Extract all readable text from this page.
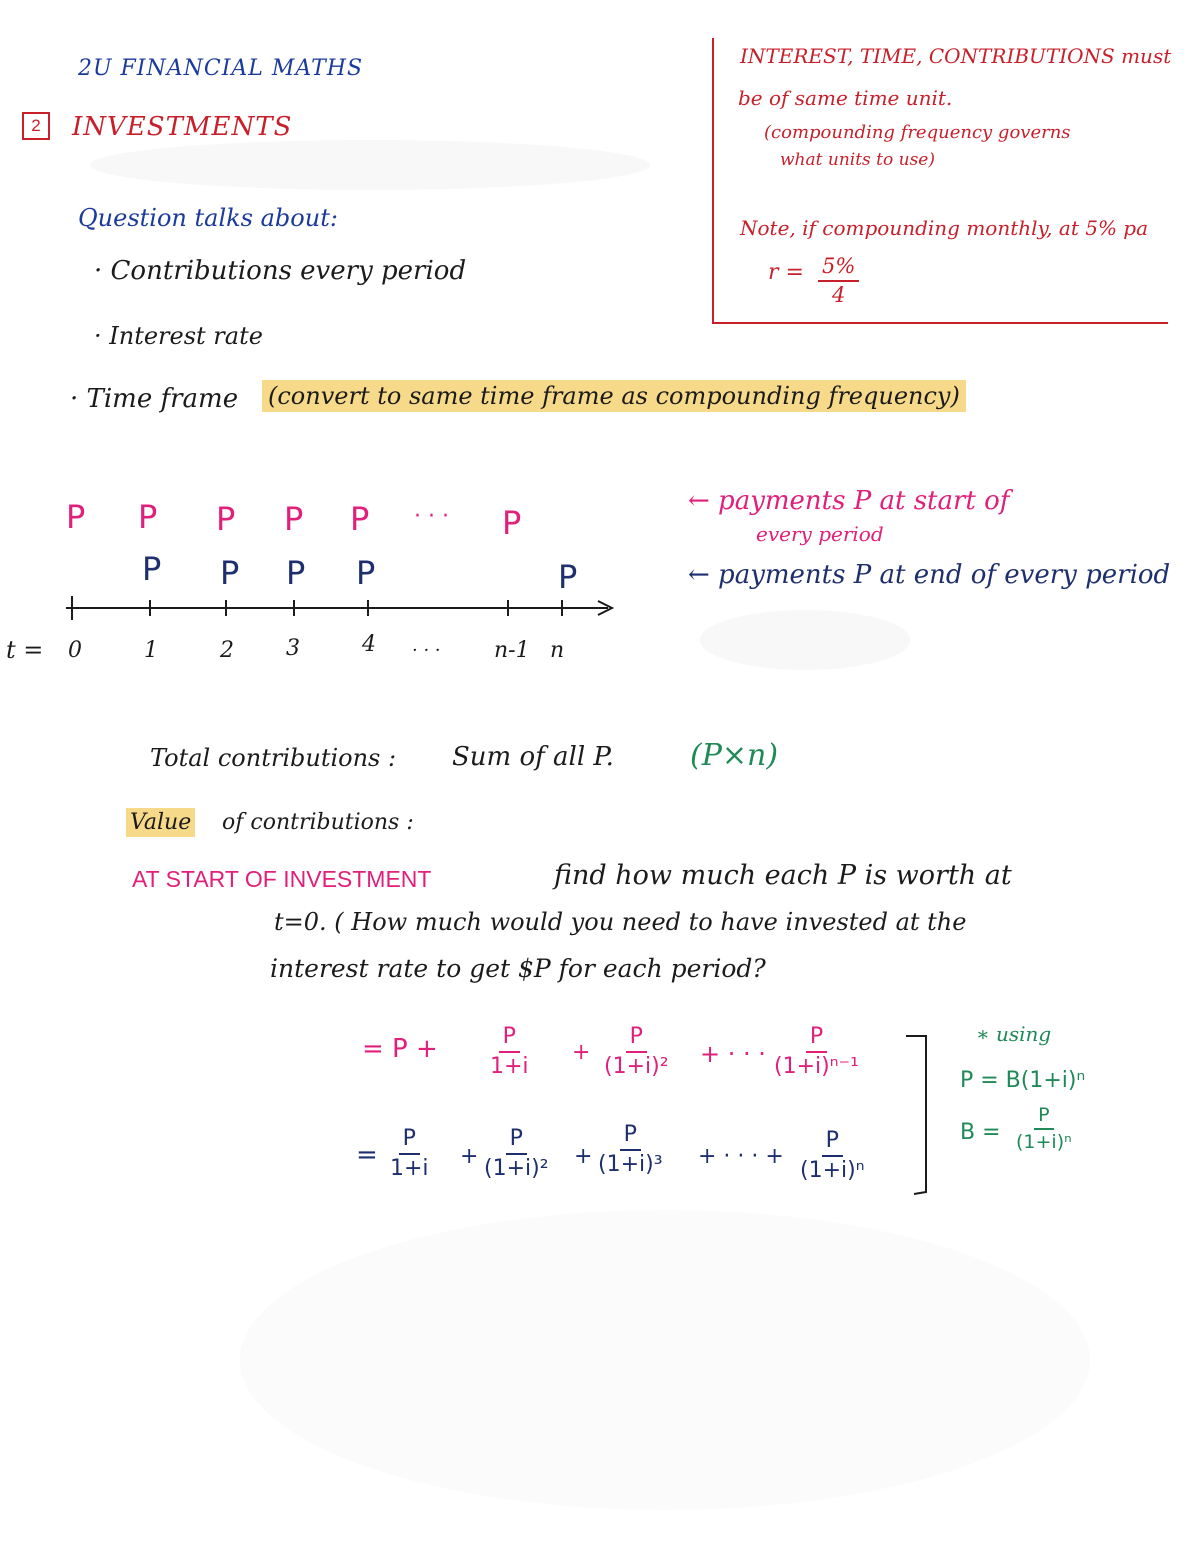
2U FINANCIAL MATHS
2	INVESTMENTS
INTEREST, TIME, CONTRIBUTIONS must
be of same time unit.
(compounding frequency governs
what units to use)
Note, if compounding monthly, at 5% pa
$r = \frac{5\%}{4}$
Question talks about:
· Contributions every period
· Interest rate
· Time frame (convert to same time frame as compounding frequency)
P P P P P · · · P
P P P P	P
t = 0	1	2 3	4 · · · n-1 n
← payments P at start of
every period
← payments P at end of every period
Total contributions : Sum of all P.	(P×n)
Value of contributions :
AT START OF INVESTMENT	find how much each P is worth at
t=0. ( How much would you need to have invested at the
interest rate to get $P for each period?
= $P + \frac{P}{1+i} + \frac{P}{\text{(1+i)²}}$ + · · · $\frac{P}{\text{(1+i)ⁿ⁻¹}}$
= $\frac{P}{1+i} + \frac{P}{\text{(1+i)²}} + \frac{P}{\text{(1+i)³}}$ + · · · + $\frac{P}{\text{(1+i)ⁿ}}$
∗ using
P = B(1+i)ⁿ
$B = \frac{P}{\text{(1+i)ⁿ}}$
